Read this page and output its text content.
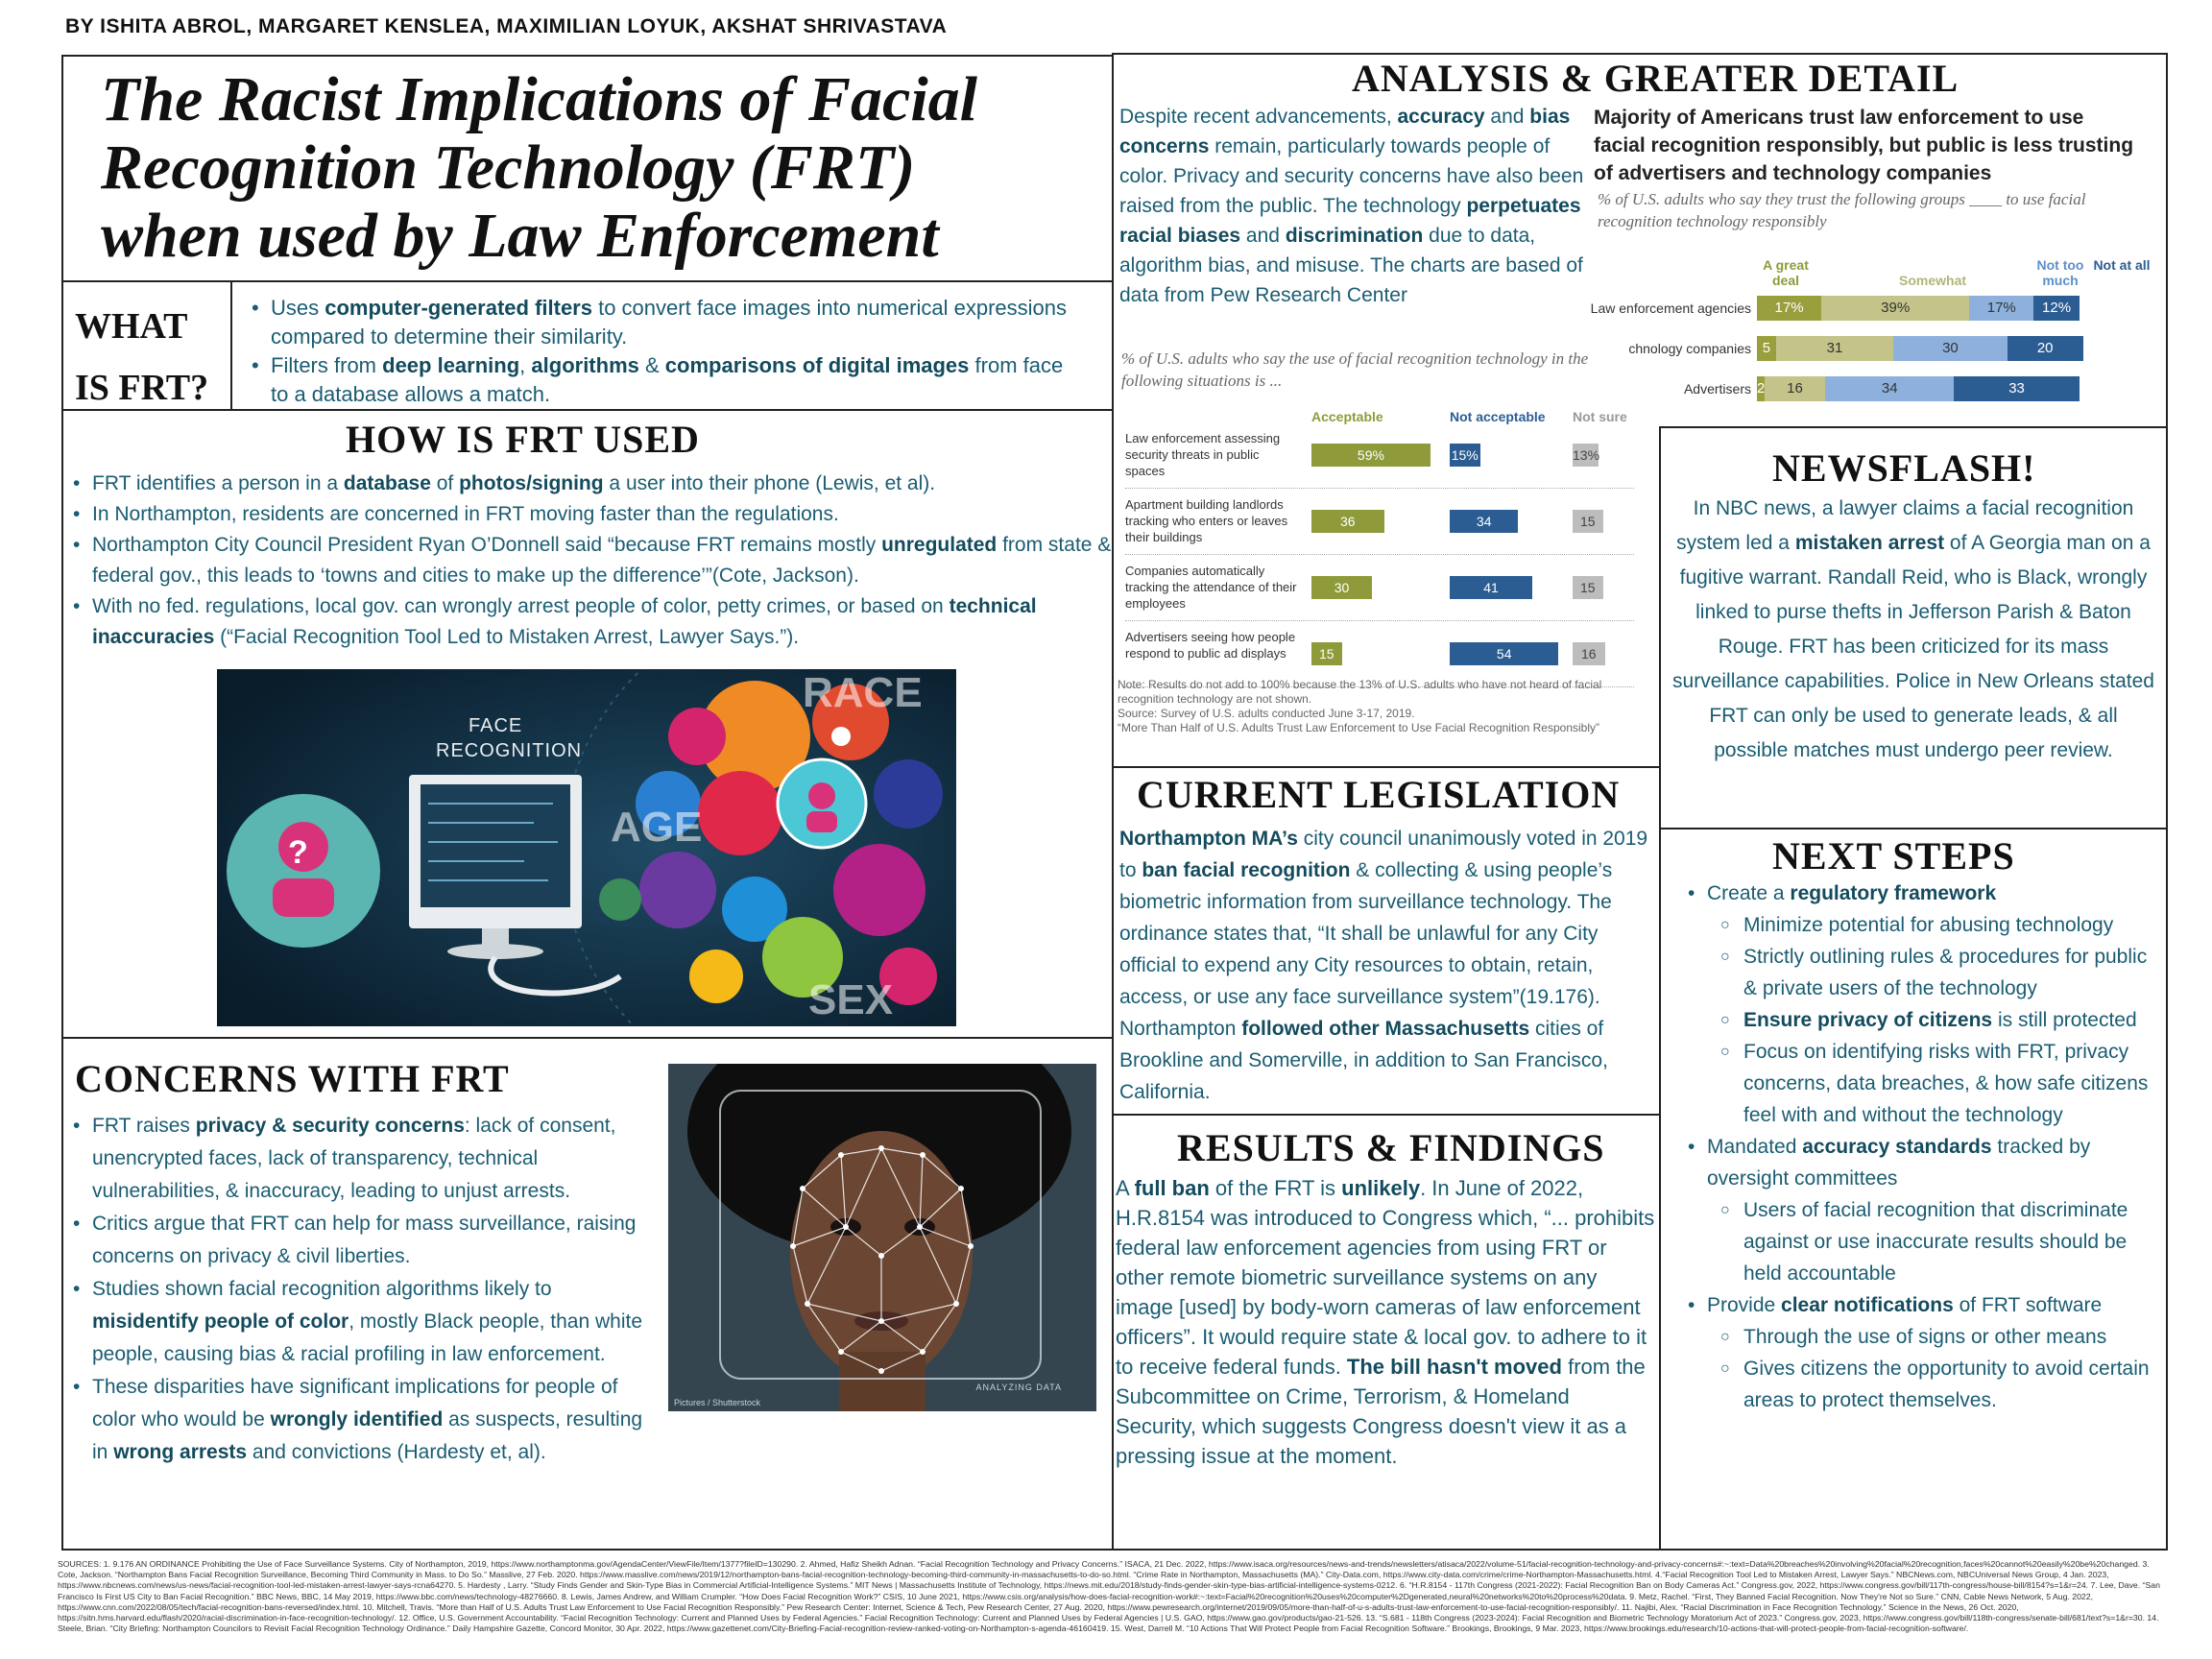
BY ISHITA ABROL, MARGARET KENSLEA, MAXIMILIAN LOYUK, AKSHAT SHRIVASTAVA
The Racist Implications of Facial
Recognition Technology (FRT)
when used by Law Enforcement
WHAT
IS FRT?
• Uses computer-generated filters to convert face images into numerical expressions compared to determine their similarity.
• Filters from deep learning, algorithms & comparisons of digital images from face to a database allows a match.
HOW IS FRT USED
• FRT identifies a person in a database of photos/signing a user into their phone (Lewis, et al).
• In Northampton, residents are concerned in FRT moving faster than the regulations.
• Northampton City Council President Ryan O’Donnell said “because FRT remains mostly unregulated from state & federal gov., this leads to ‘towns and cities to make up the difference’”(Cote, Jackson).
• With no fed. regulations, local gov. can wrongly arrest people of color, petty crimes, or based on technical inaccuracies (“Facial Recognition Tool Led to Mistaken Arrest, Lawyer Says.”).
?
FACE
RECOGNITION
RACE
AGE
SEX
CONCERNS WITH FRT
• FRT raises privacy & security concerns: lack of consent, unencrypted faces, lack of transparency, technical vulnerabilities, & inaccuracy, leading to unjust arrests.
• Critics argue that FRT can help for mass surveillance, raising concerns on privacy & civil liberties.
• Studies shown facial recognition algorithms likely to misidentify people of color, mostly Black people, than white people, causing bias & racial profiling in law enforcement.
• These disparities have significant implications for people of color who would be wrongly identified as suspects, resulting in wrong arrests and convictions (Hardesty et, al).
Pictures / Shutterstock
ANALYZING DATA
ANALYSIS & GREATER DETAIL
Despite recent advancements, accuracy and bias concerns remain, particularly towards people of color. Privacy and security concerns have also been raised from the public. The technology perpetuates racial biases and discrimination due to data, algorithm bias, and misuse. The charts are based of data from Pew Research Center
Majority of Americans trust law enforcement to use facial recognition responsibly, but public is less trusting of advertisers and technology companies
% of U.S. adults who say they trust the following groups ____ to use facial recognition technology responsibly
A great deal	Somewhat
Not too much
Not at all
Law enforcement agencies	17%	39%	17%	12%
chnology companies 5	31	30	20
Advertisers 2	16	34	33
% of U.S. adults who say the use of facial recognition technology in the following situations is ...
Acceptable	Not acceptable Not sure
Law enforcement assessing security threats in public spaces
59%	15%	13%
Apartment building landlords tracking who enters or leaves their buildings
36	34	15
Companies automatically tracking the attendance of their employees
30	41	15
Advertisers seeing how people respond to public ad displays	15	54	16
Note: Results do not add to 100% because the 13% of U.S. adults who have not heard of facial recognition technology are not shown.
Source: Survey of U.S. adults conducted June 3-17, 2019.
“More Than Half of U.S. Adults Trust Law Enforcement to Use Facial Recognition Responsibly”
NEWSFLASH!
In NBC news, a lawyer claims a facial recognition system led a mistaken arrest of A Georgia man on a fugitive warrant. Randall Reid, who is Black, wrongly linked to purse thefts in Jefferson Parish & Baton Rouge. FRT has been criticized for its mass surveillance capabilities. Police in New Orleans stated FRT can only be used to generate leads, & all possible matches must undergo peer review.
CURRENT LEGISLATION
Northampton MA’s city council unanimously voted in 2019 to ban facial recognition & collecting & using people’s biometric information from surveillance technology. The ordinance states that, “It shall be unlawful for any City official to expend any City resources to obtain, retain, access, or use any face surveillance system”(19.176). Northampton followed other Massachusetts cities of Brookline and Somerville, in addition to San Francisco, California.
RESULTS & FINDINGS
A full ban of the FRT is unlikely. In June of 2022, H.R.8154 was introduced to Congress which, “... prohibits federal law enforcement agencies from using FRT or other remote biometric surveillance systems on any image [used] by body-worn cameras of law enforcement officers”. It would require state & local gov. to adhere to it to receive federal funds. The bill hasn't moved from the Subcommittee on Crime, Terrorism, & Homeland Security, which suggests Congress doesn't view it as a pressing issue at the moment.
NEXT STEPS
• Create a regulatory framework
○ Minimize potential for abusing technology
○ Strictly outlining rules & procedures for public & private users of the technology
○ Ensure privacy of citizens is still protected
○ Focus on identifying risks with FRT, privacy concerns, data breaches, & how safe citizens feel with and without the technology
• Mandated accuracy standards tracked by oversight committees
○ Users of facial recognition that discriminate against or use inaccurate results should be held accountable
• Provide clear notifications of FRT software
○ Through the use of signs or other means
○ Gives citizens the opportunity to avoid certain areas to protect themselves.
SOURCES: 1. 9.176 AN ORDINANCE Prohibiting the Use of Face Surveillance Systems. City of Northampton, 2019, https://www.northamptonma.gov/AgendaCenter/ViewFile/Item/1377?fileID=130290. 2. Ahmed, Hafiz Sheikh Adnan. “Facial Recognition Technology and Privacy Concerns.” ISACA, 21 Dec. 2022, https://www.isaca.org/resources/news-and-trends/newsletters/atisaca/2022/volume-51/facial-recognition-technology-and-privacy-concerns#:~:text=Data%20breaches%20involving%20facial%20recognition,faces%20cannot%20easily%20be%20changed. 3. Cote, Jackson. “Northampton Bans Facial Recognition Surveillance, Becoming Third Community in Mass. to Do So.” Masslive, 27 Feb. 2020. https://www.masslive.com/news/2019/12/northampton-bans-facial-recognition-technology-becoming-third-community-in-massachusetts-to-do-so.html. “Crime Rate in Northampton, Massachusetts (MA).” City-Data.com, https://www.city-data.com/crime/crime-Northampton-Massachusetts.html. 4.“Facial Recognition Tool Led to Mistaken Arrest, Lawyer Says.” NBCNews.com, NBCUniversal News Group, 4 Jan. 2023, https://www.nbcnews.com/news/us-news/facial-recognition-tool-led-mistaken-arrest-lawyer-says-rcna64270. 5. Hardesty , Larry. “Study Finds Gender and Skin-Type Bias in Commercial Artificial-Intelligence Systems.” MIT News | Massachusetts Institute of Technology, https://news.mit.edu/2018/study-finds-gender-skin-type-bias-artificial-intelligence-systems-0212. 6. “H.R.8154 - 117th Congress (2021-2022): Facial Recognition Ban on Body Cameras Act.” Congress.gov, 2022, https://www.congress.gov/bill/117th-congress/house-bill/8154?s=1&r=24. 7. Lee, Dave. “San Francisco Is First US City to Ban Facial Recognition.” BBC News, BBC, 14 May 2019, https://www.bbc.com/news/technology-48276660. 8. Lewis, James Andrew, and William Crumpler. “How Does Facial Recognition Work?” CSIS, 10 June 2021, https://www.csis.org/analysis/how-does-facial-recognition-work#:~:text=Facial%20recognition%20uses%20computer%2Dgenerated,neural%20networks%20to%20process%20data. 9. Metz, Rachel. “First, They Banned Facial Recognition. Now They're Not so Sure.” CNN, Cable News Network, 5 Aug. 2022, https://www.cnn.com/2022/08/05/tech/facial-recognition-bans-reversed/index.html. 10. Mitchell, Travis. “More than Half of U.S. Adults Trust Law Enforcement to Use Facial Recognition Responsibly.” Pew Research Center: Internet, Science & Tech, Pew Research Center, 27 Aug. 2020, https://www.pewresearch.org/internet/2019/09/05/more-than-half-of-u-s-adults-trust-law-enforcement-to-use-facial-recognition-responsibly/. 11. Najibi, Alex. “Racial Discrimination in Face Recognition Technology.” Science in the News, 26 Oct. 2020, https://sitn.hms.harvard.edu/flash/2020/racial-discrimination-in-face-recognition-technology/. 12. Office, U.S. Government Accountability. “Facial Recognition Technology: Current and Planned Uses by Federal Agencies.” Facial Recognition Technology: Current and Planned Uses by Federal Agencies | U.S. GAO, https://www.gao.gov/products/gao-21-526. 13. “S.681 - 118th Congress (2023-2024): Facial Recognition and Biometric Technology Moratorium Act of 2023.” Congress.gov, 2023, https://www.congress.gov/bill/118th-congress/senate-bill/681/text?s=1&r=30. 14. Steele, Brian. “City Briefing: Northampton Councilors to Revisit Facial Recognition Technology Ordinance.” Daily Hampshire Gazette, Concord Monitor, 30 Apr. 2022, https://www.gazettenet.com/City-Briefing-Facial-recognition-review-ranked-voting-on-Northampton-s-agenda-46160419. 15. West, Darrell M. “10 Actions That Will Protect People from Facial Recognition Software.” Brookings, Brookings, 9 Mar. 2023, https://www.brookings.edu/research/10-actions-that-will-protect-people-from-facial-recognition-software/.
